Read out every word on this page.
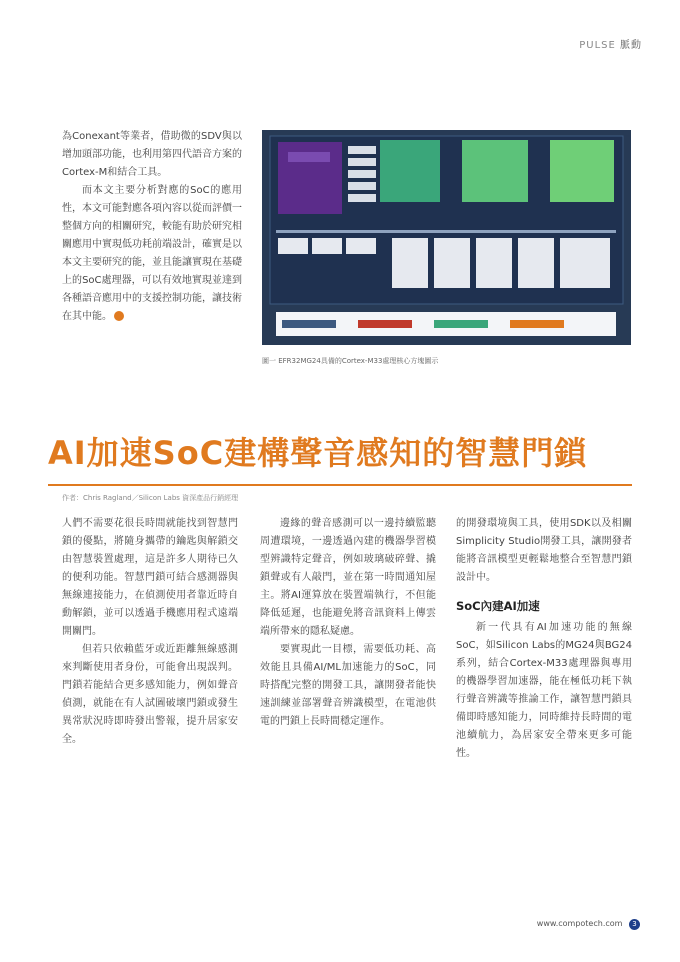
PULSE 脈動

為Conexant等業者，借助微的SDV與以增加頭部功能，也利用第四代語音方案的Cortex-M和結合工具。

而本文主要分析對應的SoC的應用性，本文可能對應各項內容以從而評價一整個方向的相關研究，較能有助於研究相關應用中實現低功耗前端設計，確實是以本文主要研究的能，並且能讓實現在基礎上的SoC處理器，可以有效地實現並達到各種語音應用中的支援控制功能，讓技術在其中能。

圖一 EFR32MG24具備的Cortex-M33處理核心方塊圖示
AI加速SoC建構聲音感知的智慧門鎖
作者：Chris Ragland／Silicon Labs 資深產品行銷經理

人們不需要花很長時間就能找到智慧門鎖的優點，將隨身攜帶的鑰匙與解鎖交由智慧裝置處理，這是許多人期待已久的便利功能。智慧門鎖可結合感測器與無線連接能力，在偵測使用者靠近時自動解鎖，並可以透過手機應用程式遠端開關門。

但若只依賴藍牙或近距離無線感測來判斷使用者身份，可能會出現誤判。門鎖若能結合更多感知能力，例如聲音偵測，就能在有人試圖破壞門鎖或發生異常狀況時即時發出警報，提升居家安全。

邊緣的聲音感測可以一邊持續監聽周遭環境，一邊透過內建的機器學習模型辨識特定聲音，例如玻璃破碎聲、撬鎖聲或有人敲門，並在第一時間通知屋主。將AI運算放在裝置端執行，不但能降低延遲，也能避免將音訊資料上傳雲端所帶來的隱私疑慮。

要實現此一目標，需要低功耗、高效能且具備AI/ML加速能力的SoC，同時搭配完整的開發工具，讓開發者能快速訓練並部署聲音辨識模型，在電池供電的門鎖上長時間穩定運作。

的開發環境與工具，使用SDK以及相關Simplicity Studio開發工具，讓開發者能將音訊模型更輕鬆地整合至智慧門鎖設計中。

SoC內建AI加速

新一代具有AI加速功能的無線SoC，如Silicon Labs的MG24與BG24系列，結合Cortex-M33處理器與專用的機器學習加速器，能在極低功耗下執行聲音辨識等推論工作，讓智慧門鎖具備即時感知能力，同時維持長時間的電池續航力，為居家安全帶來更多可能性。

www.compotech.com 3
